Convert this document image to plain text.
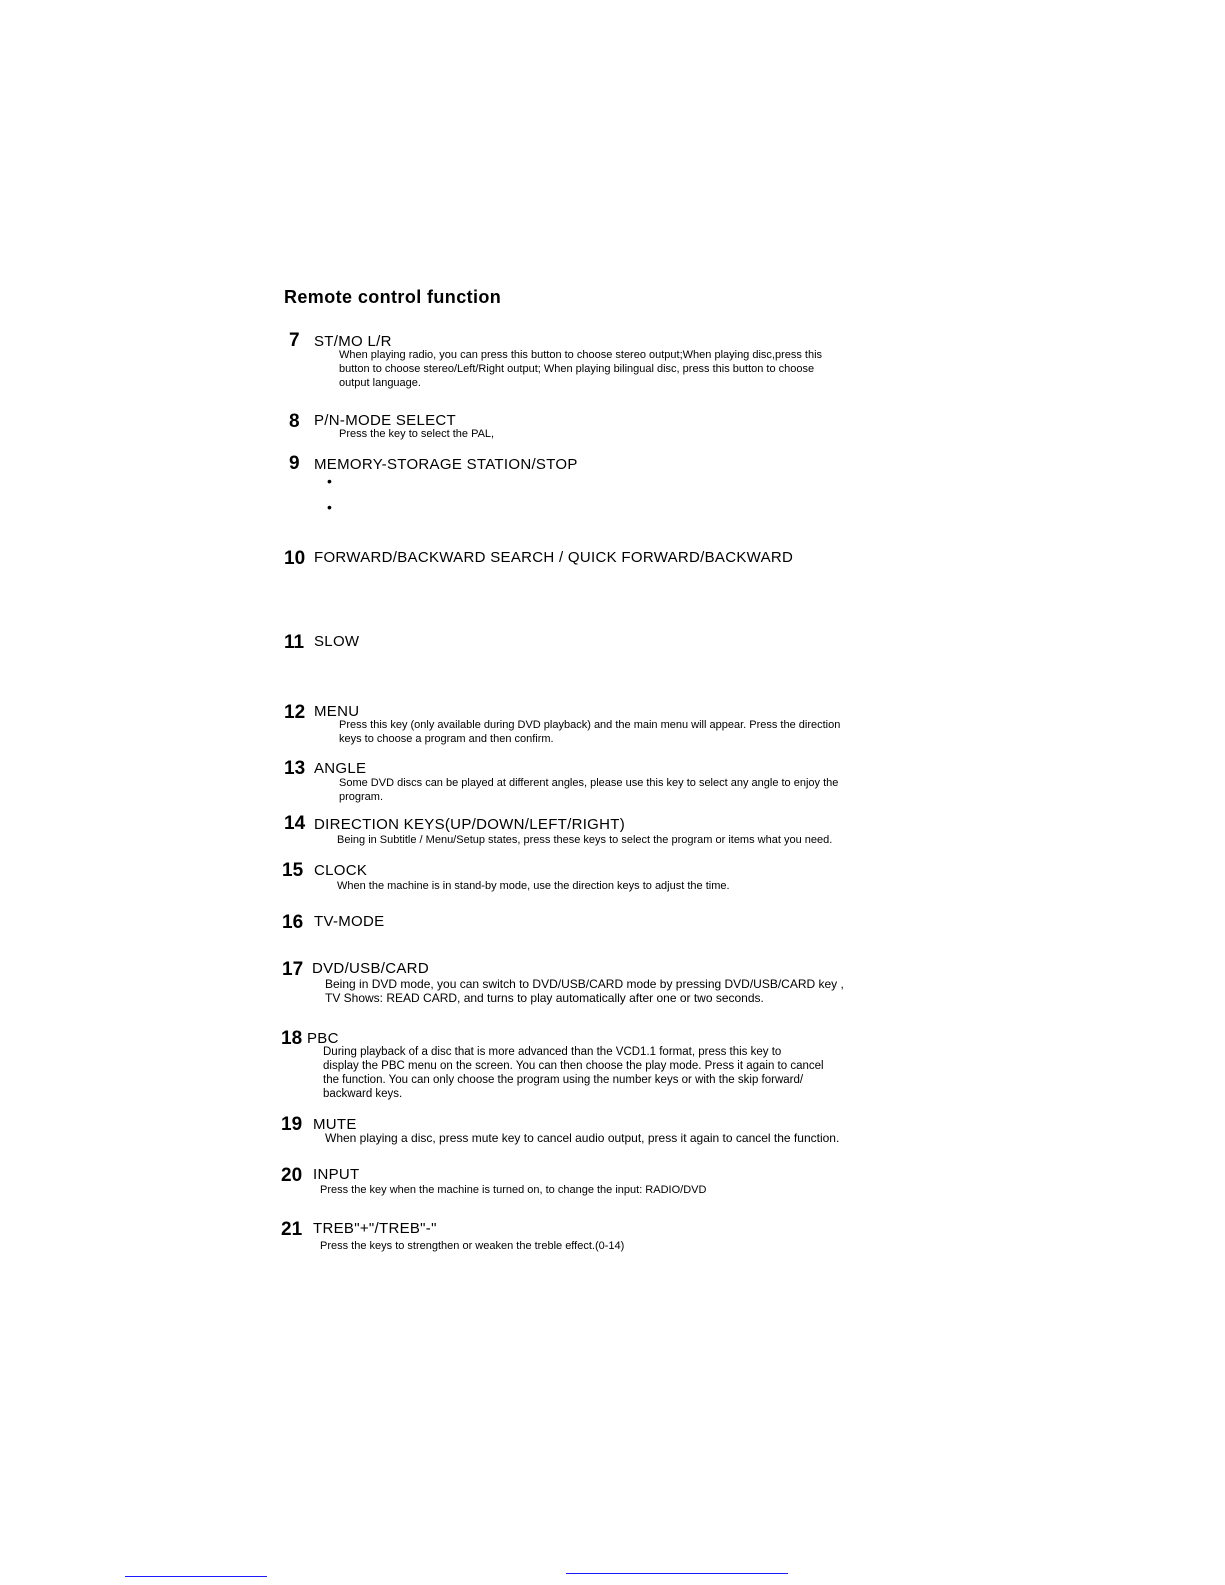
Remote control function
7 ST/MO L/R
When playing radio, you can press this button to choose stereo output;When playing disc,press this
button to choose stereo/Left/Right output; When playing bilingual disc, press this button to choose
output language.
8 P/N-MODE SELECT
Press the key to select the PAL,
9 MEMORY-STORAGE STATION/STOP
•
•
10 FORWARD/BACKWARD SEARCH / QUICK FORWARD/BACKWARD
11 SLOW
12 MENU
Press this key (only available during DVD playback) and the main menu will appear. Press the direction
keys to choose a program and then confirm.
13 ANGLE
Some DVD discs can be played at different angles, please use this key to select any angle to enjoy the
program.
14 DIRECTION KEYS(UP/DOWN/LEFT/RIGHT)
Being in Subtitle / Menu/Setup states, press these keys to select the program or items what you need.
15 CLOCK
When the machine is in stand-by mode, use the direction keys to adjust the time.
16 TV-MODE
17 DVD/USB/CARD
Being in DVD mode, you can switch to DVD/USB/CARD mode by pressing DVD/USB/CARD key ,
TV Shows: READ CARD, and turns to play automatically after one or two seconds.
18 PBC
During playback of a disc that is more advanced than the VCD1.1 format, press this key to
display the PBC menu on the screen. You can then choose the play mode. Press it again to cancel
the function. You can only choose the program using the number keys or with the skip forward/
backward keys.
19 MUTE
When playing a disc, press mute key to cancel audio output, press it again to cancel the function.
20 INPUT
Press the key when the machine is turned on, to change the input: RADIO/DVD
21 TREB"+"/TREB"-"
Press the keys to strengthen or weaken the treble effect.(0-14)
